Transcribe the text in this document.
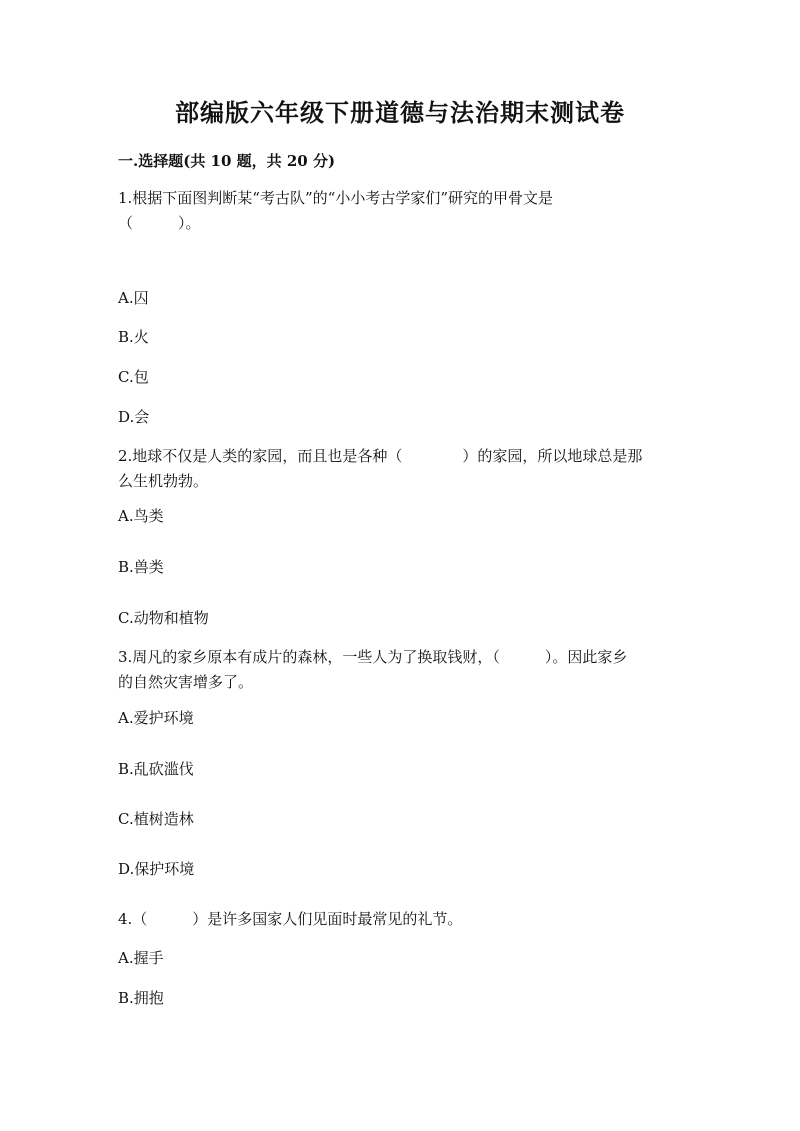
部编版六年级下册道德与法治期末测试卷
一.选择题(共 10 题，共 20 分)
1.根据下面图判断某“考古队”的“小小考古学家们”研究的甲骨文是
（　　　）。
A.囚
B.火
C.包
D.会
2.地球不仅是人类的家园，而且也是各种（　　　　）的家园，所以地球总是那
么生机勃勃。
A.鸟类
B.兽类
C.动物和植物
3.周凡的家乡原本有成片的森林，一些人为了换取钱财，（　　　）。因此家乡
的自然灾害增多了。
A.爱护环境
B.乱砍滥伐
C.植树造林
D.保护环境
4.（　　　）是许多国家人们见面时最常见的礼节。
A.握手
B.拥抱
